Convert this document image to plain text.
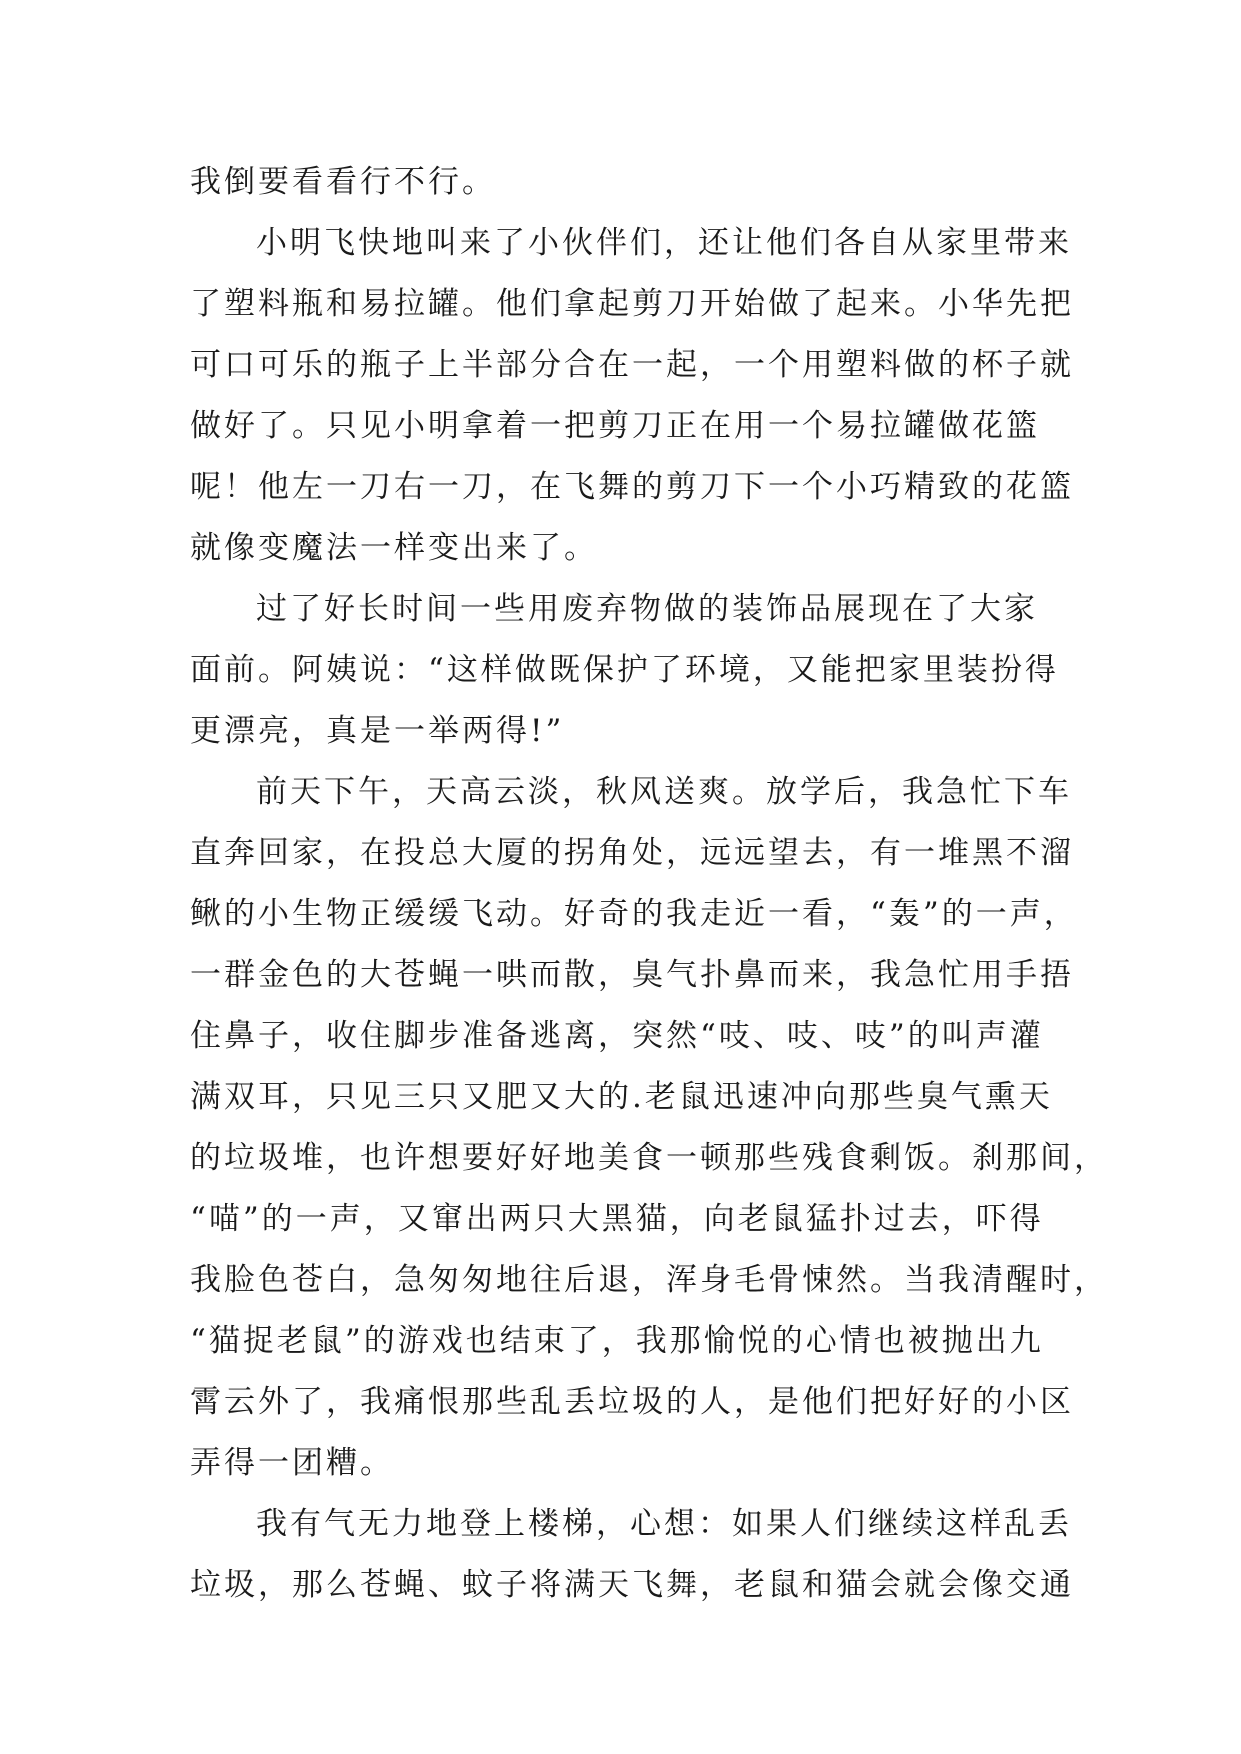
我倒要看看行不行。
小明飞快地叫来了小伙伴们，还让他们各自从家里带来
了塑料瓶和易拉罐。他们拿起剪刀开始做了起来。小华先把
可口可乐的瓶子上半部分合在一起，一个用塑料做的杯子就
做好了。只见小明拿着一把剪刀正在用一个易拉罐做花篮
呢！他左一刀右一刀，在飞舞的剪刀下一个小巧精致的花篮
就像变魔法一样变出来了。
过了好长时间一些用废弃物做的装饰品展现在了大家
面前。阿姨说：“这样做既保护了环境，又能把家里装扮得
更漂亮，真是一举两得!”
前天下午，天高云淡，秋风送爽。放学后，我急忙下车
直奔回家，在投总大厦的拐角处，远远望去，有一堆黑不溜
鳅的小生物正缓缓飞动。好奇的我走近一看，“轰”的一声，
一群金色的大苍蝇一哄而散，臭气扑鼻而来，我急忙用手捂
住鼻子，收住脚步准备逃离，突然“吱、吱、吱”的叫声灌
满双耳，只见三只又肥又大的.老鼠迅速冲向那些臭气熏天
的垃圾堆，也许想要好好地美食一顿那些残食剩饭。刹那间，
“喵”的一声，又窜出两只大黑猫，向老鼠猛扑过去，吓得
我脸色苍白，急匆匆地往后退，浑身毛骨悚然。当我清醒时，
“猫捉老鼠”的游戏也结束了，我那愉悦的心情也被抛出九
霄云外了，我痛恨那些乱丢垃圾的人，是他们把好好的小区
弄得一团糟。
我有气无力地登上楼梯，心想：如果人们继续这样乱丢
垃圾，那么苍蝇、蚊子将满天飞舞，老鼠和猫会就会像交通
